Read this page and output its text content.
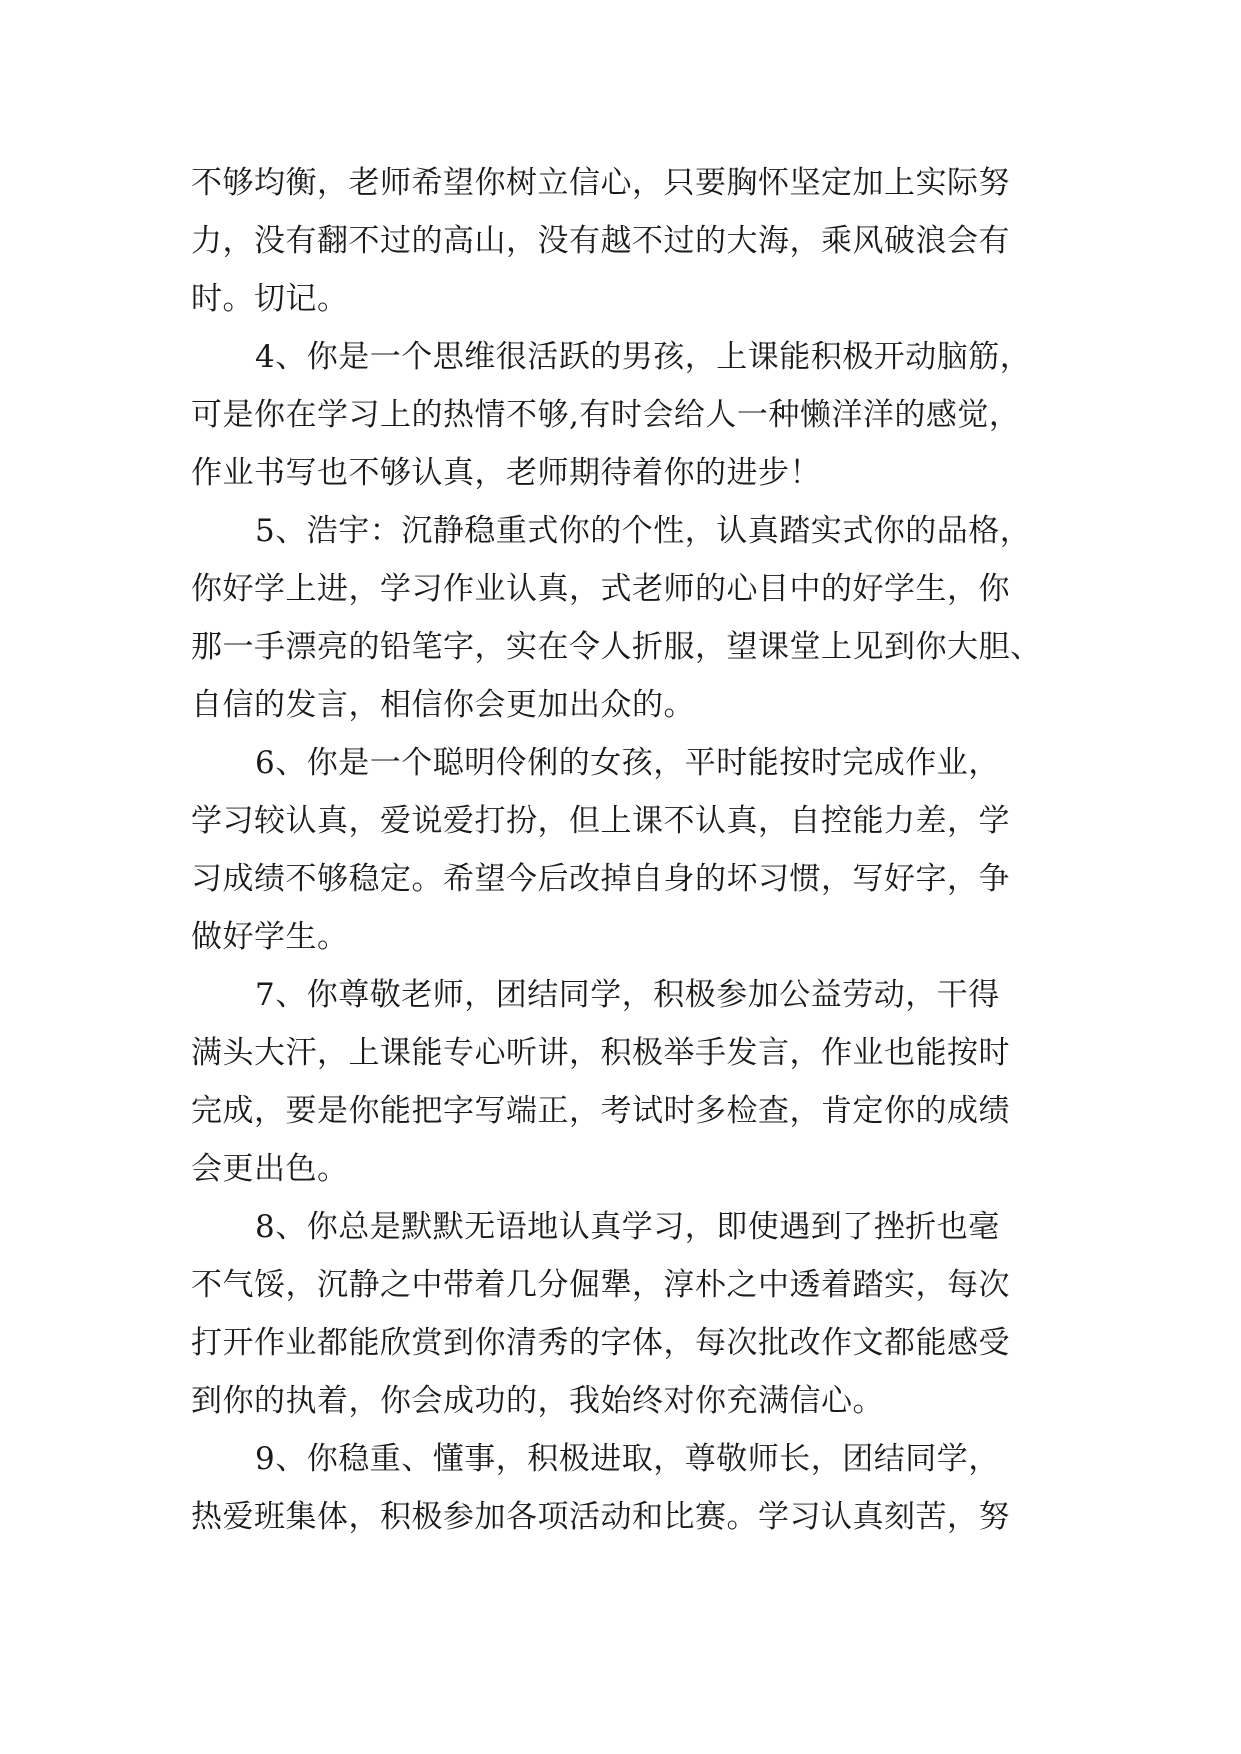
不够均衡，老师希望你树立信心，只要胸怀坚定加上实际努
力，没有翻不过的高山，没有越不过的大海，乘风破浪会有
时。切记。
4、你是一个思维很活跃的男孩，上课能积极开动脑筋，
可是你在学习上的热情不够,有时会给人一种懒洋洋的感觉，
作业书写也不够认真，老师期待着你的进步！
5、浩宇：沉静稳重式你的个性，认真踏实式你的品格，
你好学上进，学习作业认真，式老师的心目中的好学生，你
那一手漂亮的铅笔字，实在令人折服，望课堂上见到你大胆、
自信的发言，相信你会更加出众的。
6、你是一个聪明伶俐的女孩，平时能按时完成作业，
学习较认真，爱说爱打扮，但上课不认真，自控能力差，学
习成绩不够稳定。希望今后改掉自身的坏习惯，写好字，争
做好学生。
7、你尊敬老师，团结同学，积极参加公益劳动，干得
满头大汗，上课能专心听讲，积极举手发言，作业也能按时
完成，要是你能把字写端正，考试时多检查，肯定你的成绩
会更出色。
8、你总是默默无语地认真学习，即使遇到了挫折也毫
不气馁，沉静之中带着几分倔犟，淳朴之中透着踏实，每次
打开作业都能欣赏到你清秀的字体，每次批改作文都能感受
到你的执着，你会成功的，我始终对你充满信心。
9、你稳重、懂事，积极进取，尊敬师长，团结同学，
热爱班集体，积极参加各项活动和比赛。学习认真刻苦，努
